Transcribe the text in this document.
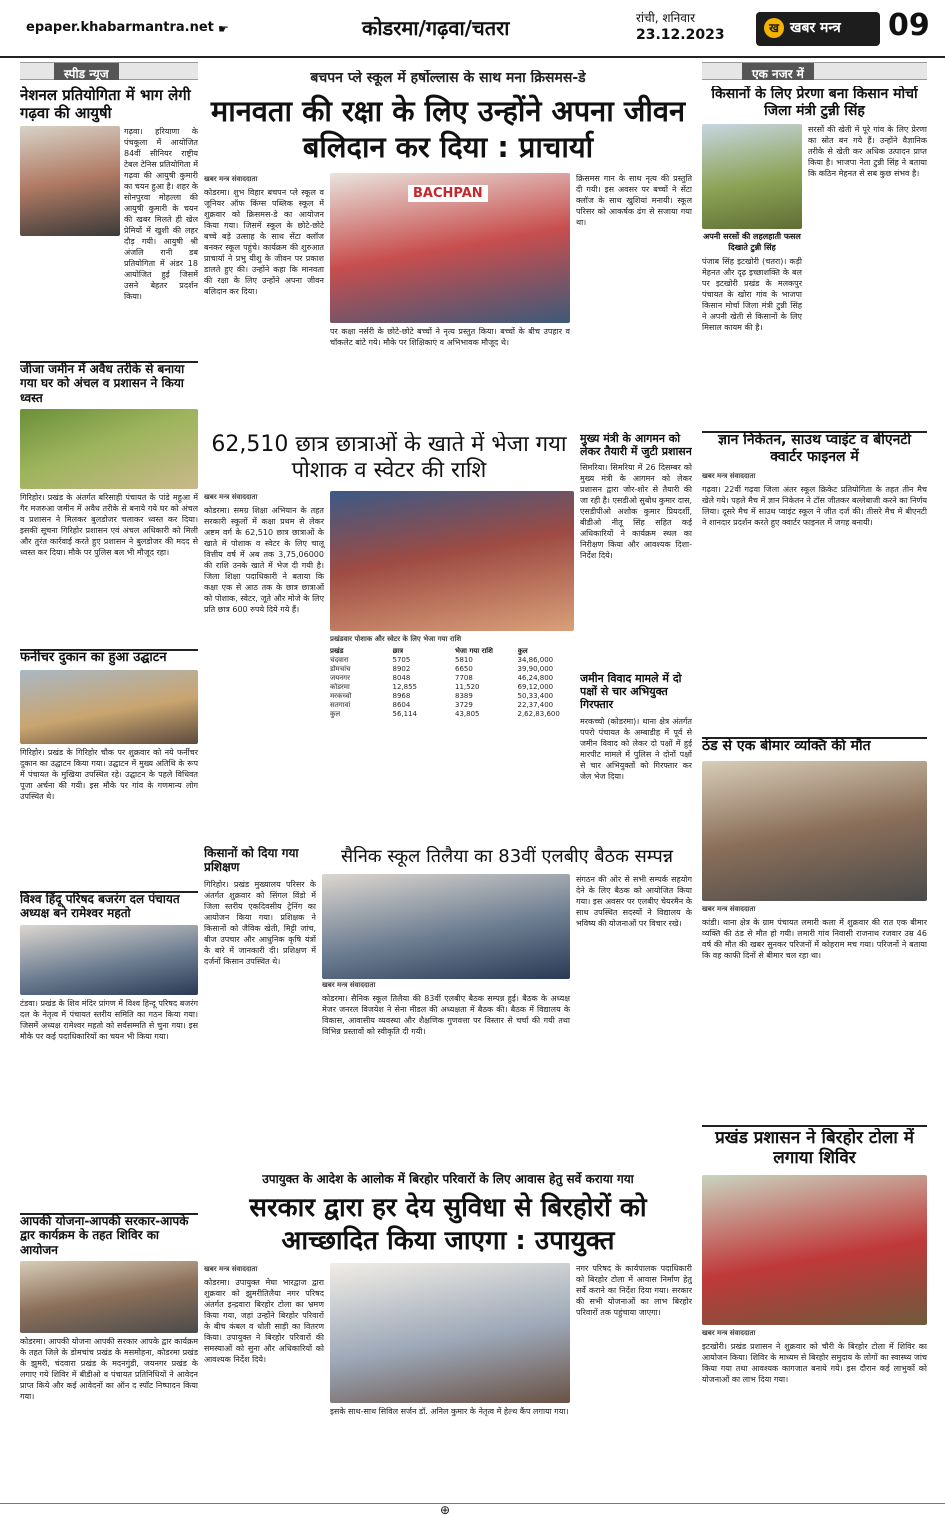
epaper.khabarmantra.net ☛	कोडरमा/गढ़वा/चतरा	रांची, शनिवार
23.12.2023	ख खबर मन्त्र	09
स्पीड न्यूज
नेशनल प्रतियोगिता में भाग लेगी गढ़वा की आयुषी
गढ़वा। हरियाणा के पंचकूला में आयोजित 84वीं सीनियर राष्ट्रीय टेबल टेनिस प्रतियोगिता में गढ़वा की आयुषी कुमारी का चयन हुआ है। शहर के सोनपुरवा मोहल्ला की आयुषी कुमारी के चयन की खबर मिलते ही खेल प्रेमियों में खुशी की लहर दौड़ गयी। आयुषी श्री अंजलि रानी डब प्रतियोगिता में अंडर 18 आयोजित हुई जिसमें उसने बेहतर प्रदर्शन किया।
जीजा जमीन में अवैध तरीके से बनाया गया घर को अंचल व प्रशासन ने किया ध्वस्त
गिरिहोर। प्रखंड के अंतर्गत बरिसाही पंचायत के पांडे महुआ में गैर मजरुआ जमीन में अवैध तरीके से बनाये गये घर को अंचल व प्रशासन ने मिलकर बुलडोजर चलाकर ध्वस्त कर दिया। इसकी सूचना गिरिहोर प्रशासन एवं अंचल अधिकारी को मिली और तुरंत कार्रवाई करते हुए प्रशासन ने बुलडोजर की मदद से ध्वस्त कर दिया। मौके पर पुलिस बल भी मौजूद रहा।
फर्नीचर दुकान का हुआ उद्घाटन
गिरिहोर। प्रखंड के गिरिहोर चौक पर शुक्रवार को नये फर्नीचर दुकान का उद्घाटन किया गया। उद्घाटन में मुख्य अतिथि के रूप में पंचायत के मुखिया उपस्थित रहे। उद्घाटन के पहले विधिवत पूजा अर्चना की गयी। इस मौके पर गांव के गणमान्य लोग उपस्थित थे।
विश्व हिंदू परिषद बजरंग दल पंचायत अध्यक्ष बने रामेश्वर महतो
टंडवा। प्रखंड के शिव मंदिर प्रांगण में विश्व हिन्दू परिषद बजरंग दल के नेतृत्व में पंचायत स्तरीय समिति का गठन किया गया। जिसमें अध्यक्ष रामेश्वर महतो को सर्वसम्मति से चुना गया। इस मौके पर कई पदाधिकारियों का चयन भी किया गया।
आपकी योजना-आपकी सरकार-आपके द्वार कार्यक्रम के तहत शिविर का आयोजन
कोडरमा। आपकी योजना आपकी सरकार आपके द्वार कार्यक्रम के तहत जिले के डोमचांच प्रखंड के मसमोहना, कोडरमा प्रखंड के झुमरी, चंदवारा प्रखंड के मदनगुंडी, जयनगर प्रखंड के लगाए गये शिविर में बीडीओ व पंचायत प्रतिनिधियों ने आवेदन प्राप्त किये और कई आवेदनों का ऑन द स्पॉट निष्पादन किया गया।
बचपन प्ले स्कूल में हर्षोल्लास के साथ मना क्रिसमस-डे
मानवता की रक्षा के लिए उन्होंने अपना जीवन बलिदान कर दिया : प्राचार्या
खबर मन्त्र संवाददाता
कोडरमा। शुभ विहार बचपन प्ले स्कूल व जूनियर ऑफ किंग्स पब्लिक स्कूल में शुक्रवार को क्रिसमस-डे का आयोजन किया गया। जिसमें स्कूल के छोटे-छोटे बच्चे बड़े उत्साह के साथ सेंटा क्लॉज बनकर स्कूल पहुंचे। कार्यक्रम की शुरुआत प्राचार्या ने प्रभु यीशु के जीवन पर प्रकाश डालते हुए की। उन्होंने कहा कि मानवता की रक्षा के लिए उन्होंने अपना जीवन बलिदान कर दिया।
BACHPAN
पर कक्षा नर्सरी के छोटे-छोटे बच्चों ने नृत्य प्रस्तुत किया। बच्चों के बीच उपहार व चॉकलेट बांटे गये। मौके पर शिक्षिकाएं व अभिभावक मौजूद थे।
क्रिसमस गान के साथ नृत्य की प्रस्तुति दी गयी। इस अवसर पर बच्चों ने सेंटा क्लॉज के साथ खुशियां मनायी। स्कूल परिसर को आकर्षक ढंग से सजाया गया था।
62,510 छात्र छात्राओं के खाते में भेजा गया पोशाक व स्वेटर की राशि
खबर मन्त्र संवाददाता
कोडरमा। समग्र शिक्षा अभियान के तहत सरकारी स्कूलों में कक्षा प्रथम से लेकर अष्टम वर्ग के 62,510 छात्र छात्राओं के खाते में पोशाक व स्वेटर के लिए चालू वित्तीय वर्ष में अब तक 3,75,06000 की राशि उनके खाते में भेज दी गयी है। जिला शिक्षा पदाधिकारी ने बताया कि कक्षा एक से आठ तक के छात्र छात्राओं को पोशाक, स्वेटर, जूते और मोजे के लिए प्रति छात्र 600 रुपये दिये गये हैं।
प्रखंडवार पोशाक और स्वेटर के लिए भेजा गया राशि
प्रखंड	छात्र	भेजा गया राशि	कुल
चंदवारा	5705	5810	34,86,000
डोमचांच	8902	6650	39,90,000
जयनगर	8048	7708	46,24,800
कोडरमा	12,855	11,520	69,12,000
मरकच्चो	8968	8389	50,33,400
सतगावां	8604	3729	22,37,400
कुल	56,114	43,805	2,62,83,600
मुख्य मंत्री के आगमन को लेकर तैयारी में जुटी प्रशासन
सिमरिया। सिमरिया में 26 दिसम्बर को मुख्य मंत्री के आगमन को लेकर प्रशासन द्वारा जोर-शोर से तैयारी की जा रही है। एसडीओ सुबोध कुमार दास, एसडीपीओ अशोक कुमार प्रियदर्शी, बीडीओ नीतू सिंह सहित कई अधिकारियों ने कार्यक्रम स्थल का निरीक्षण किया और आवश्यक दिशा-निर्देश दिये।
जमीन विवाद मामले में दो पक्षों से चार अभियुक्त गिरफ्तार
मरकच्चो (कोडरमा)। थाना क्षेत्र अंतर्गत पपरो पंचायत के अम्बाडीह में पूर्व से जमीन विवाद को लेकर दो पक्षों में हुई मारपीट मामले में पुलिस ने दोनों पक्षों से चार अभियुक्तों को गिरफ्तार कर जेल भेज दिया।
किसानों को दिया गया प्रशिक्षण
गिरिहोर। प्रखंड मुख्यालय परिसर के अंतर्गत शुक्रवार को सिंगल विंडो में जिला स्तरीय एकदिवसीय ट्रेनिंग का आयोजन किया गया। प्रशिक्षक ने किसानों को जैविक खेती, मिट्टी जांच, बीज उपचार और आधुनिक कृषि यंत्रों के बारे में जानकारी दी। प्रशिक्षण में दर्जनों किसान उपस्थित थे।
सैनिक स्कूल तिलैया का 83वीं एलबीए बैठक सम्पन्न
खबर मन्त्र संवाददाता
कोडरमा। सैनिक स्कूल तिलैया की 83वीं एलबीए बैठक सम्पन्न हुई। बैठक के अध्यक्ष मेजर जनरल विजयेश ने सेना मीडल की अध्यक्षता में बैठक की। बैठक में विद्यालय के विकास, आवासीय व्यवस्था और शैक्षणिक गुणवत्ता पर विस्तार से चर्चा की गयी तथा विभिन्न प्रस्तावों को स्वीकृति दी गयी।
संगठन की ओर से सभी सम्पर्क सहयोग देने के लिए बैठक को आयोजित किया गया। इस अवसर पर एलबीए चेयरमैन के साथ उपस्थित सदस्यों ने विद्यालय के भविष्य की योजनाओं पर विचार रखे।
उपायुक्त के आदेश के आलोक में बिरहोर परिवारों के लिए आवास हेतु सर्वे कराया गया
सरकार द्वारा हर देय सुविधा से बिरहोरों को आच्छादित किया जाएगा : उपायुक्त
खबर मन्त्र संवाददाता
कोडरमा। उपायुक्त मेघा भारद्वाज द्वारा शुक्रवार को झुमरीतिलैया नगर परिषद अंतर्गत इन्द्रवारा बिरहोर टोला का भ्रमण किया गया, जहां उन्होंने बिरहोर परिवारों के बीच कंबल व धोती साड़ी का वितरण किया। उपायुक्त ने बिरहोर परिवारों की समस्याओं को सुना और अधिकारियों को आवश्यक निर्देश दिये।
इसके साथ-साथ सिविल सर्जन डॉ. अनिल कुमार के नेतृत्व में हेल्थ कैंप लगाया गया।
नगर परिषद के कार्यपालक पदाधिकारी को बिरहोर टोला में आवास निर्माण हेतु सर्वे कराने का निर्देश दिया गया। सरकार की सभी योजनाओं का लाभ बिरहोर परिवारों तक पहुंचाया जाएगा।
एक नजर में
किसानों के लिए प्रेरणा बना किसान मोर्चा जिला मंत्री टुन्नी सिंह
अपनी सरसों की लहलहाती फसल दिखाते टुन्नी सिंह
पंजाब सिंह इटखोरी (चतरा)। कड़ी मेहनत और दृढ़ इच्छाशक्ति के बल पर इटखोरी प्रखंड के मलकपुर पंचायत के खोरा गांव के भाजपा किसान मोर्चा जिला मंत्री टुन्नी सिंह ने अपनी खेती से किसानों के लिए मिसाल कायम की है।
सरसों की खेती में पूरे गांव के लिए प्रेरणा का स्रोत बन गये हैं। उन्होंने वैज्ञानिक तरीके से खेती कर अधिक उत्पादन प्राप्त किया है। भाजपा नेता टुन्नी सिंह ने बताया कि कठिन मेहनत से सब कुछ संभव है।
ज्ञान निकेतन, साउथ प्वाइंट व बीएनटी क्वार्टर फाइनल में
खबर मन्त्र संवाददाता
गढ़वा। 22वीं गढ़वा जिला अंतर स्कूल क्रिकेट प्रतियोगिता के तहत तीन मैच खेले गये। पहले मैच में ज्ञान निकेतन ने टॉस जीतकर बल्लेबाजी करने का निर्णय लिया। दूसरे मैच में साउथ प्वाइंट स्कूल ने जीत दर्ज की। तीसरे मैच में बीएनटी ने शानदार प्रदर्शन करते हुए क्वार्टर फाइनल में जगह बनायी।
ठंड से एक बीमार व्यक्ति की मौत
खबर मन्त्र संवाददाता
कांडी। थाना क्षेत्र के ग्राम पंचायत लमारी कला में शुक्रवार की रात एक बीमार व्यक्ति की ठंड से मौत हो गयी। लमारी गांव निवासी राजनाथ रजवार उम्र 46 वर्ष की मौत की खबर सुनकर परिजनों में कोहराम मच गया। परिजनों ने बताया कि वह काफी दिनों से बीमार चल रहा था।
प्रखंड प्रशासन ने बिरहोर टोला में लगाया शिविर
खबर मन्त्र संवाददाता
इटखोरी। प्रखंड प्रशासन ने शुक्रवार को चौरी के बिरहोर टोला में शिविर का आयोजन किया। शिविर के माध्यम से बिरहोर समुदाय के लोगों का स्वास्थ्य जांच किया गया तथा आवश्यक कागजात बनाये गये। इस दौरान कई लाभुकों को योजनाओं का लाभ दिया गया।
⊕
